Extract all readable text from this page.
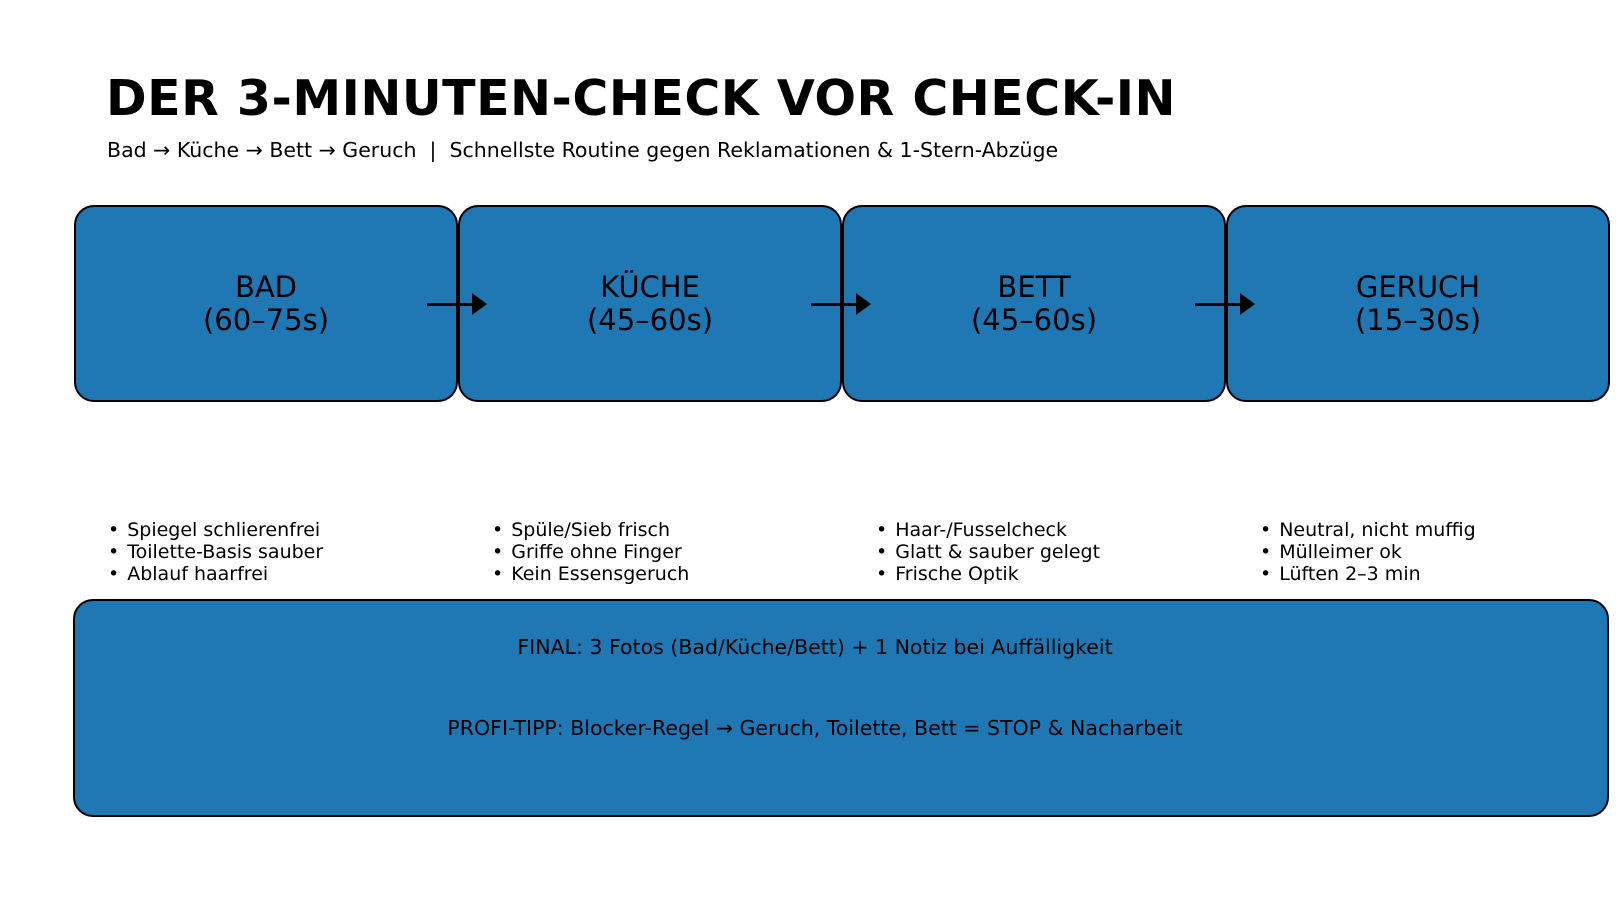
DER 3-MINUTEN-CHECK VOR CHECK-IN
Bad → Küche → Bett → Geruch  |  Schnellste Routine gegen Reklamationen & 1-Stern-Abzüge
BAD
(60–75s)
KÜCHE
(45–60s)
BETT
(45–60s)
GERUCH
(15–30s)
• Spiegel schlierenfrei
• Toilette-Basis sauber
• Ablauf haarfrei
• Spüle/Sieb frisch
• Griffe ohne Finger
• Kein Essensgeruch
• Haar-/Fusselcheck
• Glatt & sauber gelegt
• Frische Optik
• Neutral, nicht muffig
• Mülleimer ok
• Lüften 2–3 min

FINAL: 3 Fotos (Bad/Küche/Bett) + 1 Notiz bei Auffälligkeit

PROFI-TIPP: Blocker-Regel → Geruch, Toilette, Bett = STOP & Nacharbeit
